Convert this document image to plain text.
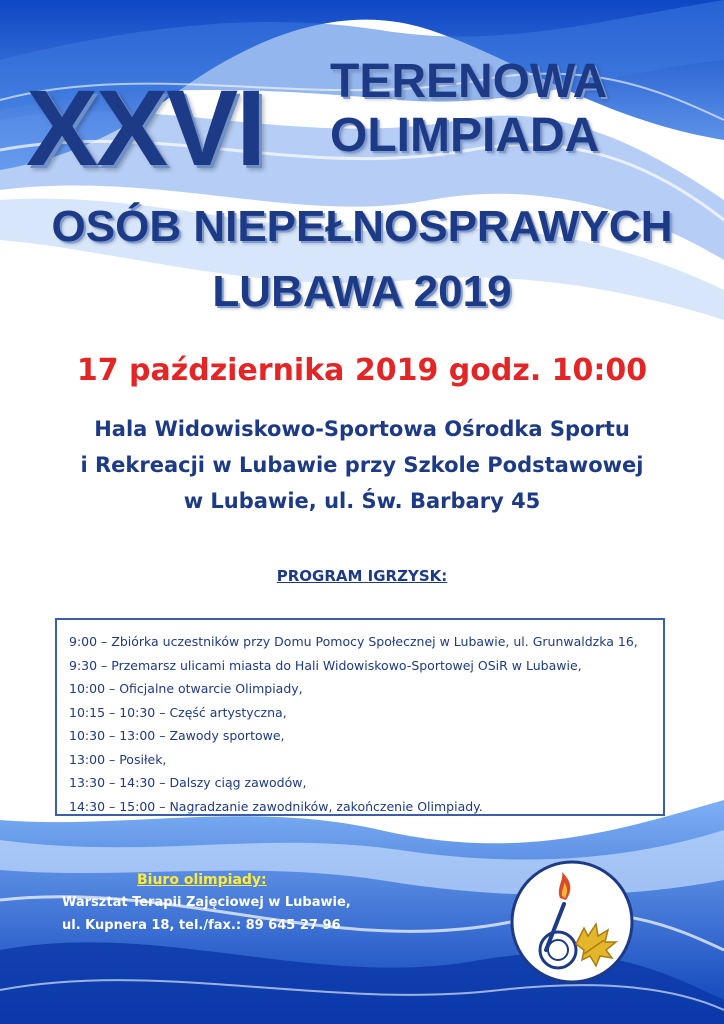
XXVI TERENOWA
OLIMPIADA
OSÓB NIEPEŁNOSPRAWYCH
LUBAWA 2019
17 października 2019 godz. 10:00
Hala Widowiskowo-Sportowa Ośrodka Sportu
i Rekreacji w Lubawie przy Szkole Podstawowej
w Lubawie, ul. Św. Barbary 45
PROGRAM IGRZYSK:
9:00 – Zbiórka uczestników przy Domu Pomocy Społecznej w Lubawie, ul. Grunwaldzka 16,
9:30 – Przemarsz ulicami miasta do Hali Widowiskowo-Sportowej OSiR w Lubawie,
10:00 – Oficjalne otwarcie Olimpiady,
10:15 – 10:30 – Część artystyczna,
10:30 – 13:00 – Zawody sportowe,
13:00 – Posiłek,
13:30 – 14:30 – Dalszy ciąg zawodów,
14:30 – 15:00 – Nagradzanie zawodników, zakończenie Olimpiady.
Biuro olimpiady:
Warsztat Terapii Zajęciowej w Lubawie,
ul. Kupnera 18, tel./fax.: 89 645 27 96
